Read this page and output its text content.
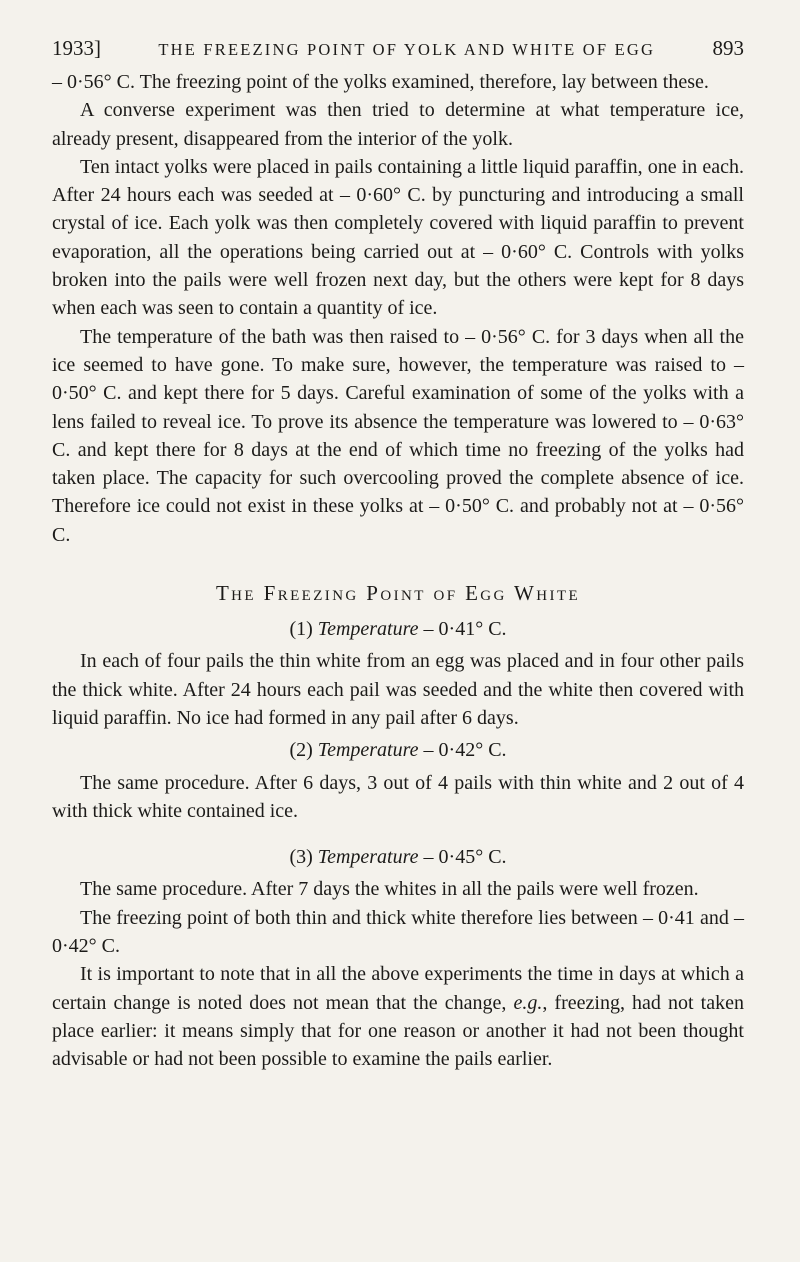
1933]	THE FREEZING POINT OF YOLK AND WHITE OF EGG	893

– 0·56° C. The freezing point of the yolks examined, therefore, lay between these.

A converse experiment was then tried to determine at what temperature ice, already present, disappeared from the interior of the yolk.

Ten intact yolks were placed in pails containing a little liquid paraffin, one in each. After 24 hours each was seeded at – 0·60° C. by puncturing and introducing a small crystal of ice. Each yolk was then completely covered with liquid paraffin to prevent evaporation, all the operations being carried out at – 0·60° C. Controls with yolks broken into the pails were well frozen next day, but the others were kept for 8 days when each was seen to contain a quantity of ice.

The temperature of the bath was then raised to – 0·56° C. for 3 days when all the ice seemed to have gone. To make sure, however, the temperature was raised to – 0·50° C. and kept there for 5 days. Careful examination of some of the yolks with a lens failed to reveal ice. To prove its absence the temperature was lowered to – 0·63° C. and kept there for 8 days at the end of which time no freezing of the yolks had taken place. The capacity for such overcooling proved the complete absence of ice. Therefore ice could not exist in these yolks at – 0·50° C. and probably not at – 0·56° C.

The Freezing Point of Egg White
(1) Temperature – 0·41° C.

In each of four pails the thin white from an egg was placed and in four other pails the thick white. After 24 hours each pail was seeded and the white then covered with liquid paraffin. No ice had formed in any pail after 6 days.

(2) Temperature – 0·42° C.

The same procedure. After 6 days, 3 out of 4 pails with thin white and 2 out of 4 with thick white contained ice.

(3) Temperature – 0·45° C.

The same procedure. After 7 days the whites in all the pails were well frozen.

The freezing point of both thin and thick white therefore lies between – 0·41 and – 0·42° C.

It is important to note that in all the above experiments the time in days at which a certain change is noted does not mean that the change, e.g., freezing, had not taken place earlier: it means simply that for one reason or another it had not been thought advisable or had not been possible to examine the pails earlier.
